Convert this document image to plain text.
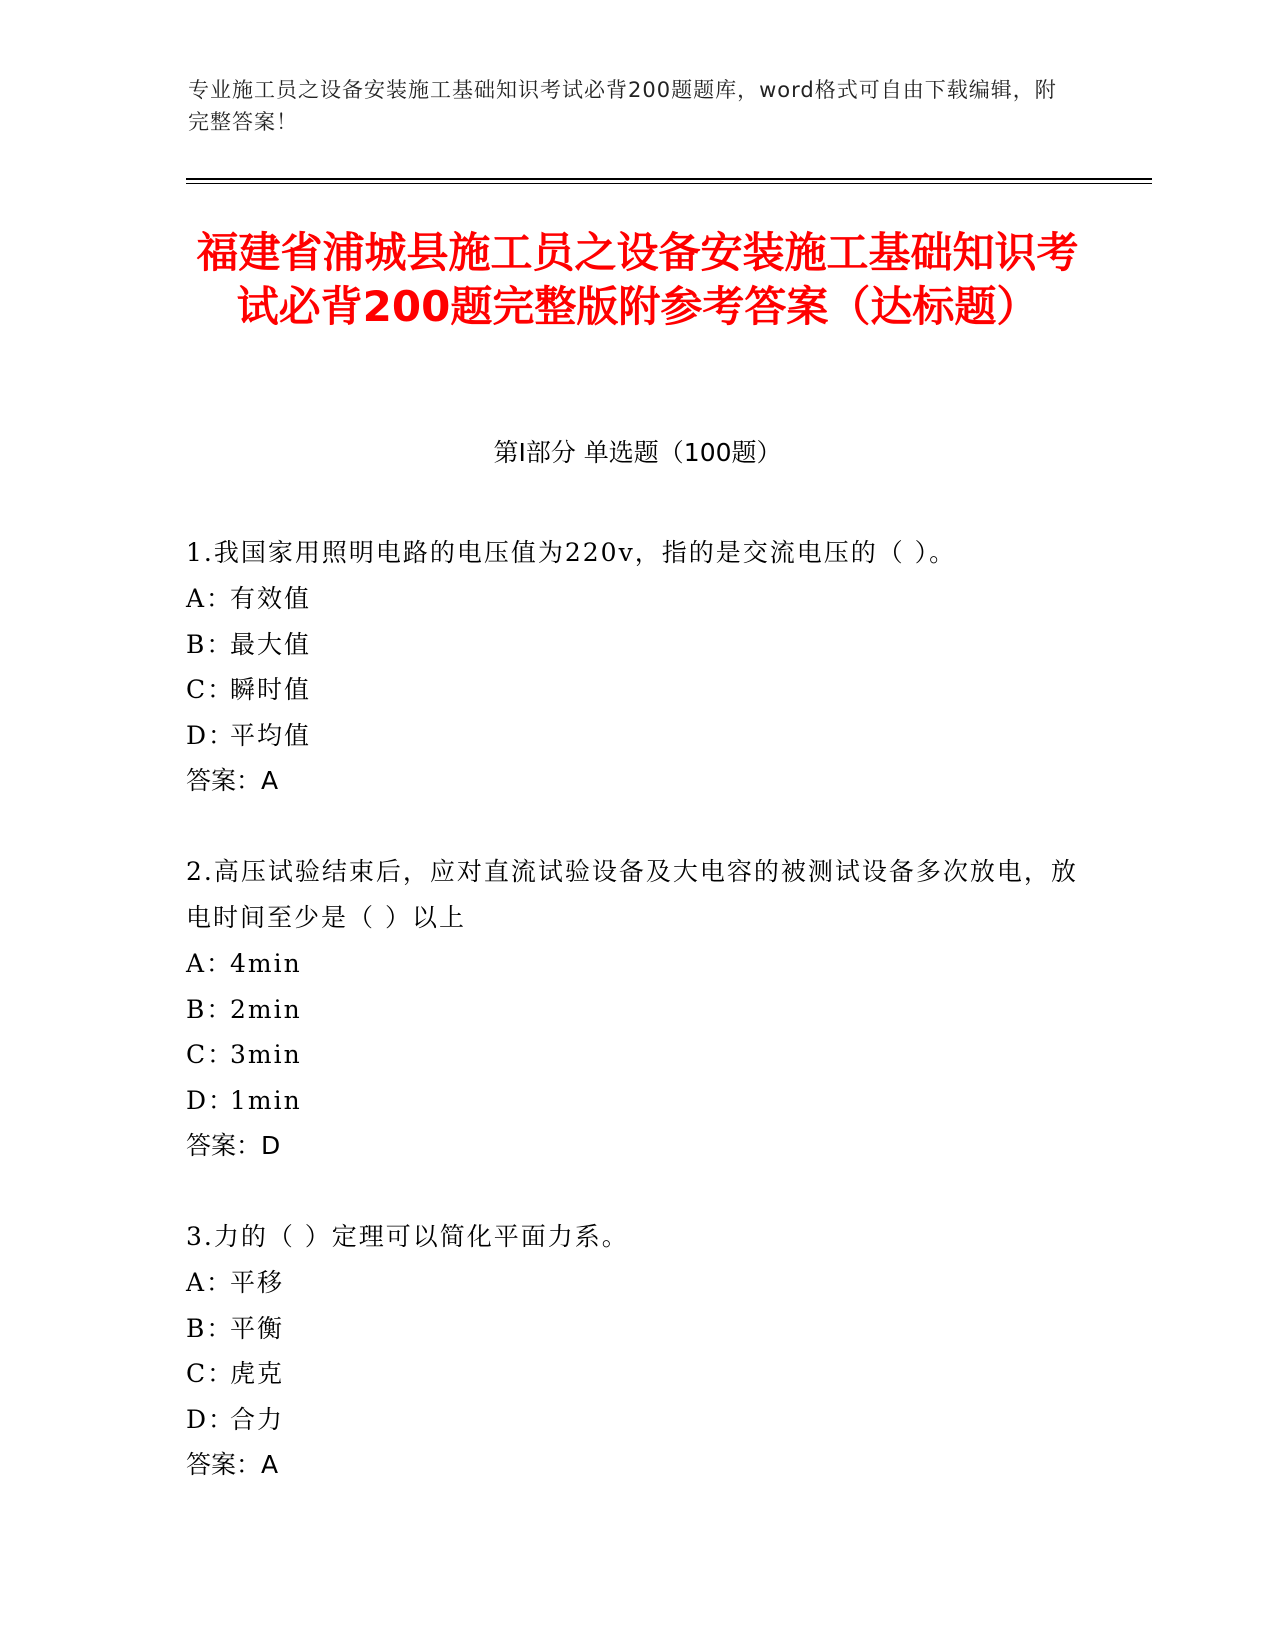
专业施工员之设备安装施工基础知识考试必背200题题库，word格式可自由下载编辑，附完整答案！
福建省浦城县施工员之设备安装施工基础知识考试必背200题完整版附参考答案（达标题）
第I部分 单选题（100题）
1.我国家用照明电路的电压值为220v，指的是交流电压的（ ）。
A：有效值
B：最大值
C：瞬时值
D：平均值
答案：A
2.高压试验结束后，应对直流试验设备及大电容的被测试设备多次放电，放电时间至少是（ ）以上
A：4min
B：2min
C：3min
D：1min
答案：D
3.力的（ ）定理可以简化平面力系。
A：平移
B：平衡
C：虎克
D：合力
答案：A
